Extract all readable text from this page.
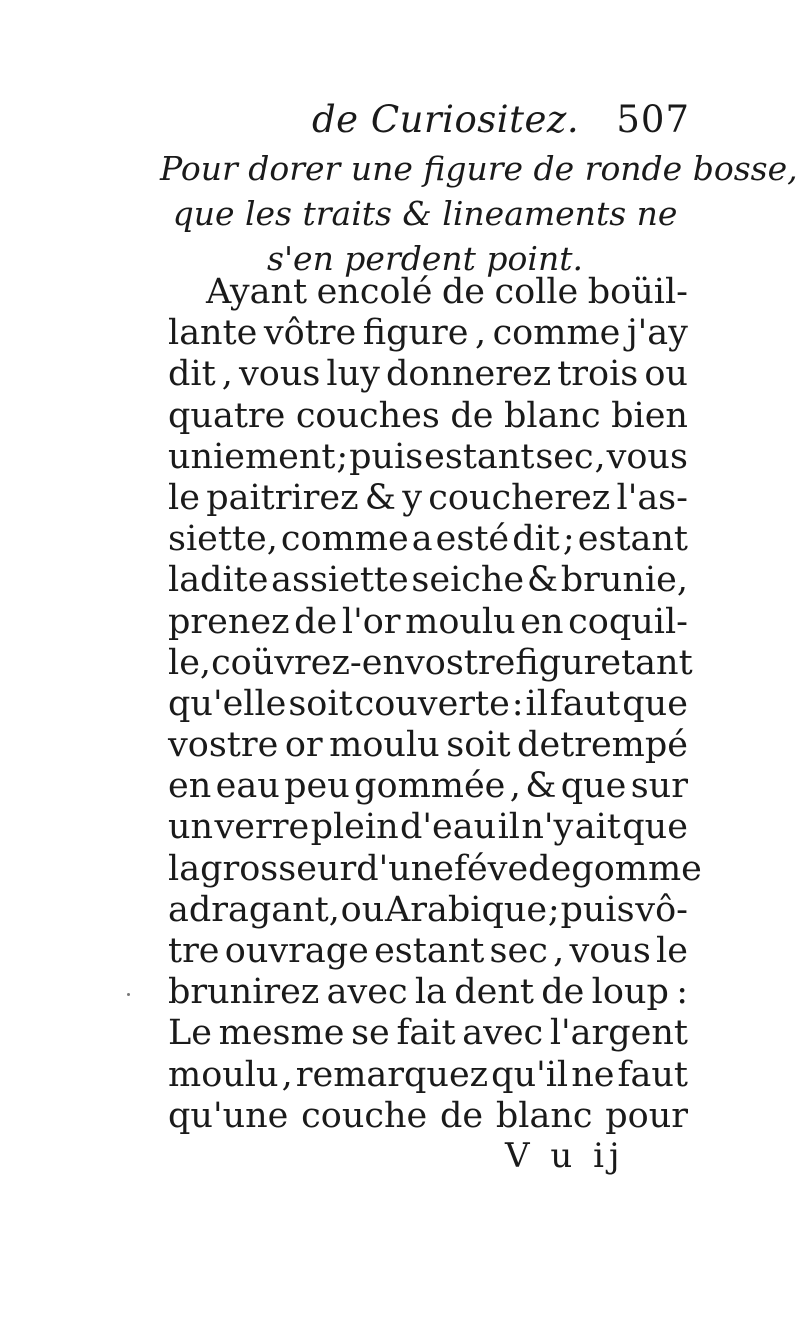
de Curiositez. 507
Pour dorer une figure de ronde bosse,
que les traits & lineaments ne
s'en perdent point.
Ayant encolé de colle boüil-
lante vôtre figure , comme j'ay
dit , vous luy donnerez trois ou
quatre couches de blanc bien
uniement ; puis estant sec , vous
le paitrirez & y coucherez l'as-
siette, comme a esté dit ; estant
ladite assiette seiche & brunie,
prenez de l'or moulu en coquil-
le , coüvrez-en vostre figure tant
qu'elle soit couverte : il faut que
vostre or moulu soit detrempé
en eau peu gommée , & que sur
un verre plein d'eau il n'y ait que
la grosseur d'une féve de gomme
adragant, ou Arabique ; puis vô-
tre ouvrage estant sec , vous le
brunirez avec la dent de loup :
Le mesme se fait avec l'argent
moulu , remarquez qu'il ne faut
qu'une couche de blanc pour
V u ij
